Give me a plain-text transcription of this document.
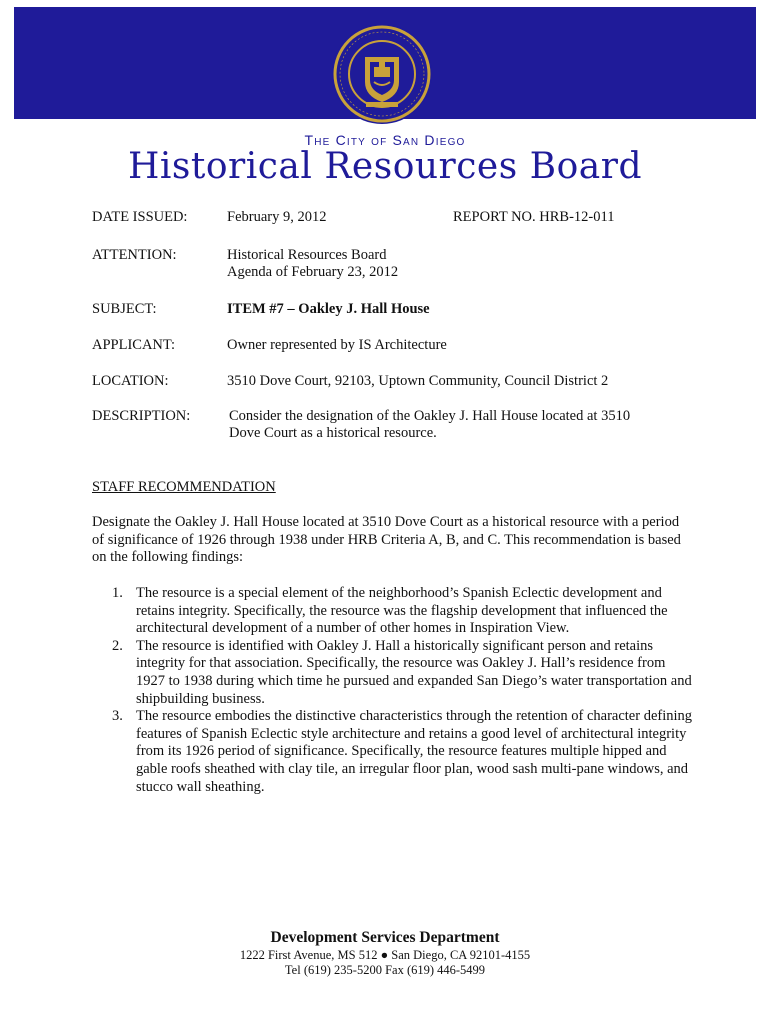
The City of San Diego
Historical Resources Board
DATE ISSUED:	February 9, 2012	REPORT NO. HRB-12-011
ATTENTION:	Historical Resources Board
Agenda of February 23, 2012
SUBJECT:	ITEM #7 – Oakley J. Hall House
APPLICANT:	Owner represented by IS Architecture
LOCATION:	3510 Dove Court, 92103, Uptown Community, Council District 2
DESCRIPTION:	Consider the designation of the Oakley J. Hall House located at 3510 Dove Court as a historical resource.
STAFF RECOMMENDATION
Designate the Oakley J. Hall House located at 3510 Dove Court as a historical resource with a period of significance of 1926 through 1938 under HRB Criteria A, B, and C. This recommendation is based on the following findings:
1. The resource is a special element of the neighborhood’s Spanish Eclectic development and retains integrity. Specifically, the resource was the flagship development that influenced the architectural development of a number of other homes in Inspiration View.
2. The resource is identified with Oakley J. Hall a historically significant person and retains integrity for that association. Specifically, the resource was Oakley J. Hall’s residence from 1927 to 1938 during which time he pursued and expanded San Diego’s water transportation and shipbuilding business.
3. The resource embodies the distinctive characteristics through the retention of character defining features of Spanish Eclectic style architecture and retains a good level of architectural integrity from its 1926 period of significance. Specifically, the resource features multiple hipped and gable roofs sheathed with clay tile, an irregular floor plan, wood sash multi-pane windows, and stucco wall sheathing.
Development Services Department
1222 First Avenue, MS 512 ● San Diego, CA 92101-4155
Tel (619) 235-5200 Fax (619) 446-5499
